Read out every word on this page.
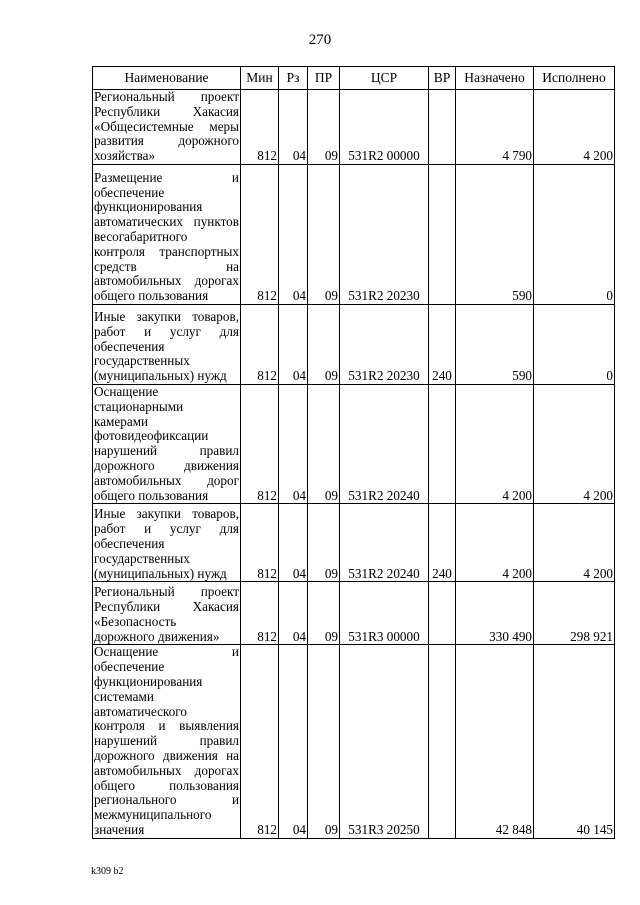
270
Наименование	Мин	Рз	ПР	ЦСР	ВР	Назначено	Исполнено
Региональный проект Республики Хакасия «Общесистемные меры развития дорожного хозяйства»	812	04	09	531R2 00000		4 790	4 200
Размещение и обеспечение функционирования автоматических пунктов весогабаритного контроля транспортных средств на автомобильных дорогах общего пользования	812	04	09	531R2 20230		590	0
Иные закупки товаров, работ и услуг для обеспечения государственных (муниципальных) нужд	812	04	09	531R2 20230	240	590	0
Оснащение стационарными камерами фотовидеофиксации нарушений правил дорожного движения автомобильных дорог общего пользования	812	04	09	531R2 20240		4 200	4 200
Иные закупки товаров, работ и услуг для обеспечения государственных (муниципальных) нужд	812	04	09	531R2 20240	240	4 200	4 200
Региональный проект Республики Хакасия «Безопасность дорожного движения»	812	04	09	531R3 00000		330 490	298 921
Оснащение и обеспечение функционирования системами автоматического контроля и выявления нарушений правил дорожного движения на автомобильных дорогах общего пользования регионального и межмуниципального значения	812	04	09	531R3 20250		42 848	40 145
k309 b2
